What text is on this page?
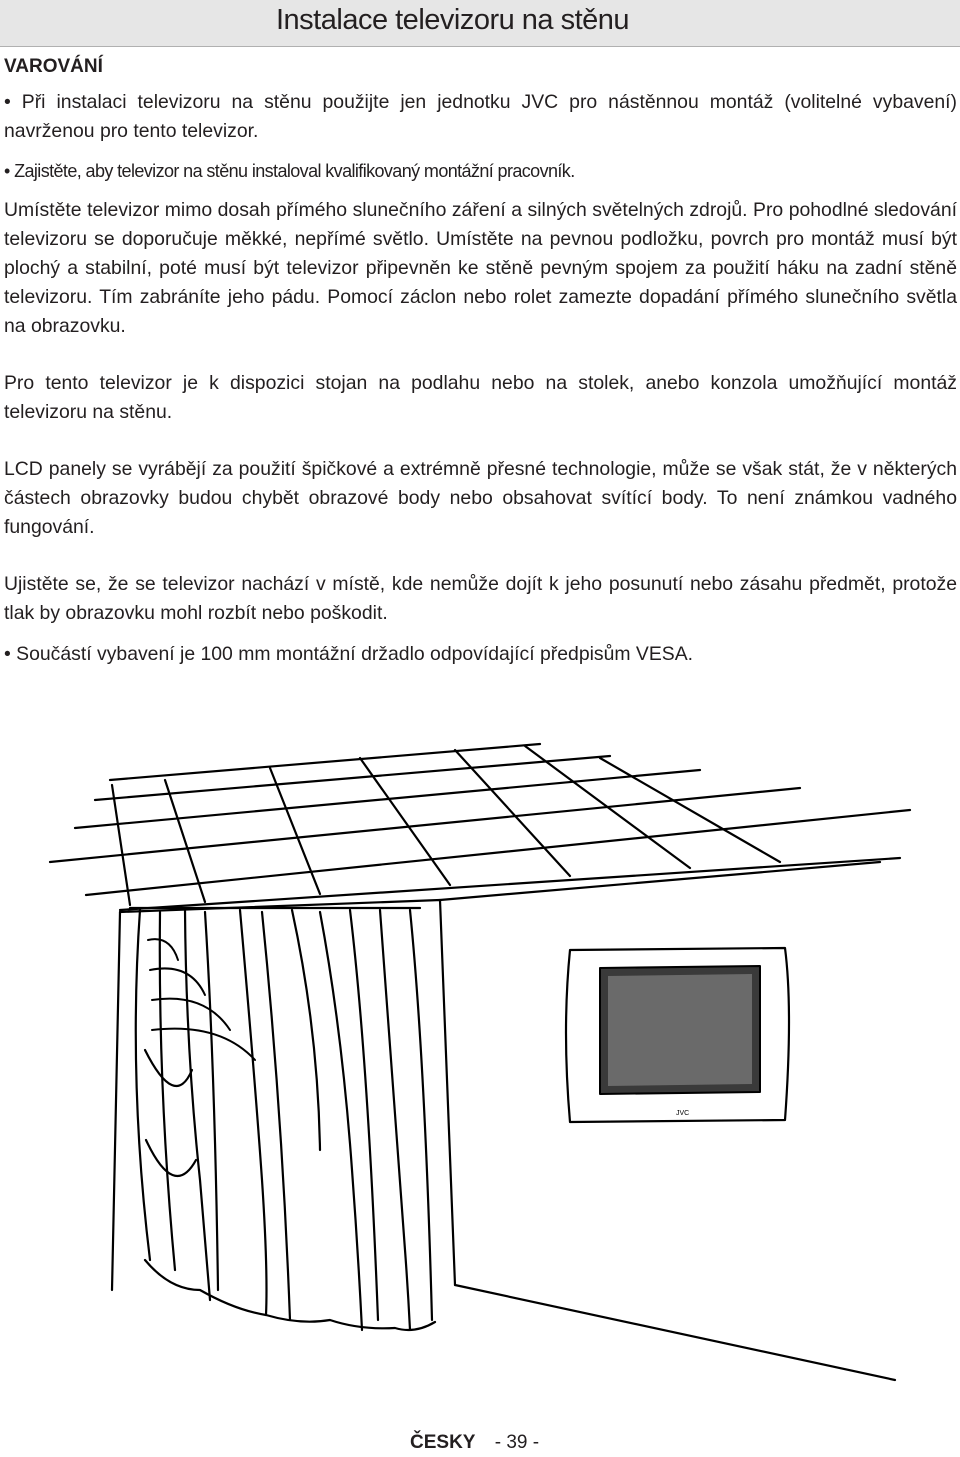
Instalace televizoru na stěnu
VAROVÁNÍ

• Při instalaci televizoru na stěnu použijte jen jednotku JVC pro nástěnnou montáž (volitelné vybavení) navrženou pro tento televizor.

• Zajistěte, aby televizor na stěnu instaloval kvalifikovaný montážní pracovník.

Umístěte televizor mimo dosah přímého slunečního záření a silných světelných zdrojů. Pro pohodlné sledování televizoru se doporučuje měkké, nepřímé světlo. Umístěte na pevnou podložku, povrch pro montáž musí být plochý a stabilní, poté musí být televizor připevněn ke stěně pevným spojem za použití háku na zadní stěně televizoru. Tím zabráníte jeho pádu. Pomocí záclon nebo rolet zamezte dopadání přímého slunečního světla na obrazovku.

Pro tento televizor je k dispozici stojan na podlahu nebo na stolek, anebo konzola umožňující montáž televizoru na stěnu.

LCD panely se vyrábějí za použití špičkové a extrémně přesné technologie, může se však stát, že v některých částech obrazovky budou chybět obrazové body nebo obsahovat svítící body. To není známkou vadného fungování.

Ujistěte se, že se televizor nachází v místě, kde nemůže dojít k jeho posunutí nebo zásahu předmět, protože tlak by obrazovku mohl rozbít nebo poškodit.

• Součástí vybavení je 100 mm montážní držadlo odpovídající předpisům VESA.

JVC
ČESKY - 39 -
